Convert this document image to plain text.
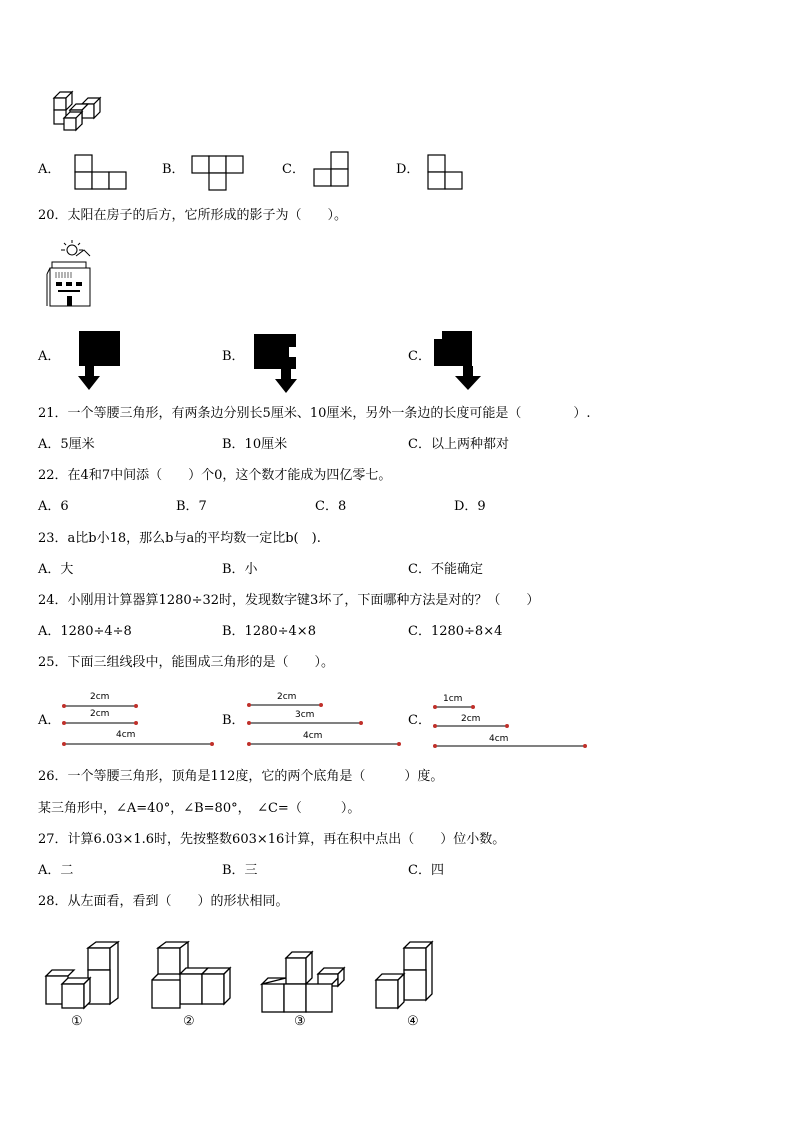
A．	B．	C．	D．
20．太阳在房子的后方，它所形成的影子为（　　）。
A．	B．	C．
21．一个等腰三角形，有两条边分别长5厘米、10厘米，另外一条边的长度可能是（　　　　）.
A．5厘米	B．10厘米	C．以上两种都对
22．在4和7中间添（　　）个0，这个数才能成为四亿零七。
A．6	B．7	C．8	D．9
23．a比b小18，那么b与a的平均数一定比b(　).
A．大	B．小	C．不能确定
24．小刚用计算器算1280÷32时，发现数字键3坏了，下面哪种方法是对的？（　　）
A．1280÷4÷8	B．1280÷4×8	C．1280÷8×4
25．下面三组线段中，能围成三角形的是（　　）。
A．
2cm
2cm
4cm
B．
2cm
3cm
4cm
C．
1cm
2cm
4cm
26．一个等腰三角形，顶角是112度，它的两个底角是（　　　）度。
某三角形中，∠A=40°，∠B=80°，　∠C=（　　　）。
27．计算6.03×1.6时，先按整数603×16计算，再在积中点出（　　）位小数。
A．二	B．三	C．四
28．从左面看，看到（　　）的形状相同。
①	②	③	④
